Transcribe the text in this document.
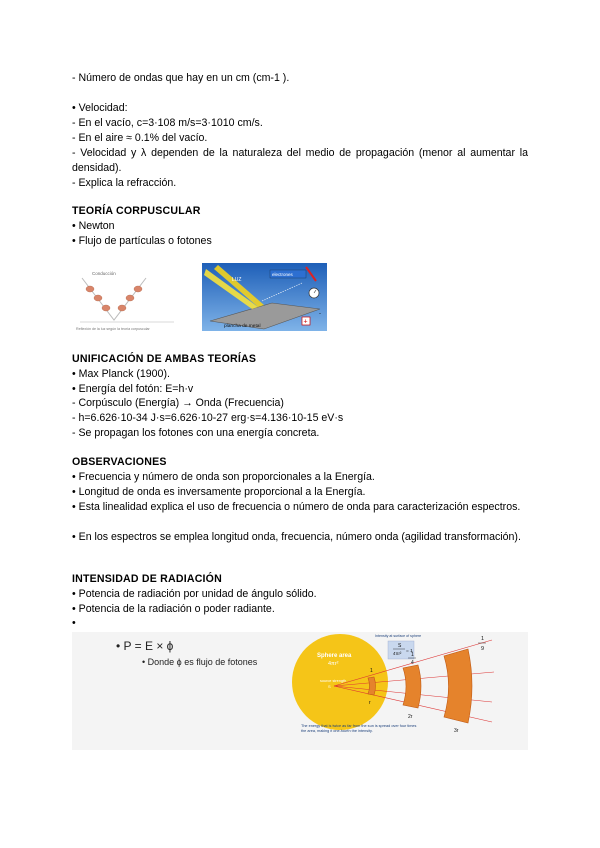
- Número de ondas que hay en un cm (cm-1 ).
• Velocidad:
- En el vacío, c=3·108 m/s=3·1010 cm/s.
- En el aire ≈ 0.1% del vacío.
- Velocidad y λ dependen de la naturaleza del medio de propagación (menor al aumentar la densidad).
- Explica la refracción.
TEORÍA CORPUSCULAR
• Newton
• Flujo de partículas o fotones
Conducción
Reflexión de la luz según la teoría corpuscular
LUZ
electrones
plancha de metal
+
-
UNIFICACIÓN DE AMBAS TEORÍAS
• Max Planck (1900).
• Energía del fotón: E=h·v
- Corpúsculo (Energía) → Onda (Frecuencia)
- h=6.626·10-34 J·s=6.626·10-27 erg·s=4.136·10-15 eV·s
- Se propagan los fotones con una energía concreta.
OBSERVACIONES
• Frecuencia y número de onda son proporcionales a la Energía.
• Longitud de onda es inversamente proporcional a la Energía.
• Esta linealidad explica el uso de frecuencia o número de onda para caracterización espectros.
• En los espectros se emplea longitud onda, frecuencia, número onda (agilidad transformación).
INTENSIDAD DE RADIACIÓN
• Potencia de radiación por unidad de ángulo sólido.
• Potencia de la radiación o poder radiante.
•
• P = E × ϕ
• Donde ϕ es flujo de fotones
Sphere area
4πr²
source strength
S
Intensity at surface of sphere
S
4πr² = 1
1
1
4
1
9
r
2r
3r
The energy that is twice as far from the sun is spread over four times the area, making it one-fourth the intensity.
